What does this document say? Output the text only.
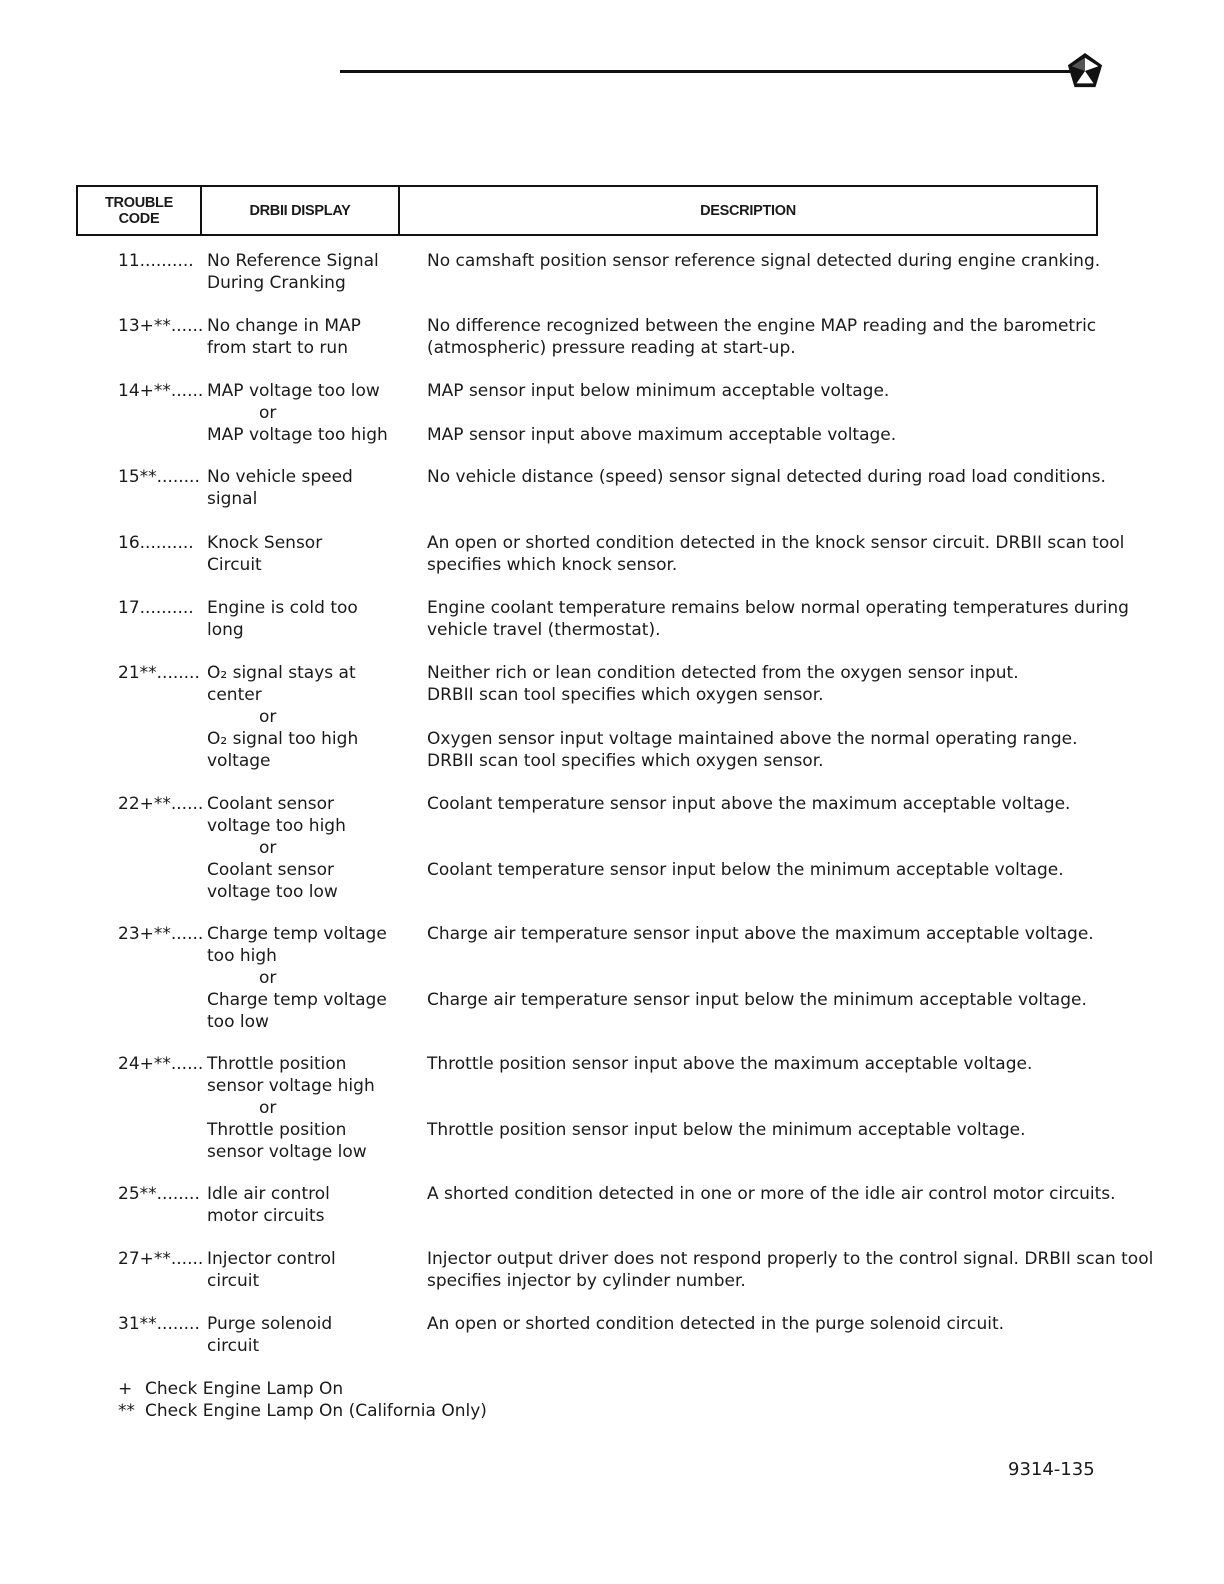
TROUBLE
CODE	DRBII DISPLAY	DESCRIPTION
11.......... No Reference Signal
During Cranking
No camshaft position sensor reference signal detected during engine cranking.
13+**...... No change in MAP
from start to run
No difference recognized between the engine MAP reading and the barometric
(atmospheric) pressure reading at start-up.
14+**...... MAP voltage too low
or
MAP voltage too high
MAP sensor input below minimum acceptable voltage.
MAP sensor input above maximum acceptable voltage.
15**........ No vehicle speed
signal
No vehicle distance (speed) sensor signal detected during road load conditions.
16.......... Knock Sensor
Circuit
An open or shorted condition detected in the knock sensor circuit. DRBII scan tool
specifies which knock sensor.
17.......... Engine is cold too
long
Engine coolant temperature remains below normal operating temperatures during
vehicle travel (thermostat).
21**........ O₂ signal stays at
center
or
O₂ signal too high
voltage
Neither rich or lean condition detected from the oxygen sensor input.
DRBII scan tool specifies which oxygen sensor.
Oxygen sensor input voltage maintained above the normal operating range.
DRBII scan tool specifies which oxygen sensor.
22+**...... Coolant sensor
voltage too high
or
Coolant sensor
voltage too low
Coolant temperature sensor input above the maximum acceptable voltage.
Coolant temperature sensor input below the minimum acceptable voltage.
23+**...... Charge temp voltage
too high
or
Charge temp voltage
too low
Charge air temperature sensor input above the maximum acceptable voltage.
Charge air temperature sensor input below the minimum acceptable voltage.
24+**...... Throttle position
sensor voltage high
or
Throttle position
sensor voltage low
Throttle position sensor input above the maximum acceptable voltage.
Throttle position sensor input below the minimum acceptable voltage.
25**........ Idle air control
motor circuits
A shorted condition detected in one or more of the idle air control motor circuits.
27+**...... Injector control
circuit
Injector output driver does not respond properly to the control signal. DRBII scan tool
specifies injector by cylinder number.
31**........ Purge solenoid
circuit
An open or shorted condition detected in the purge solenoid circuit.
+ Check Engine Lamp On
** Check Engine Lamp On (California Only)
9314-135
